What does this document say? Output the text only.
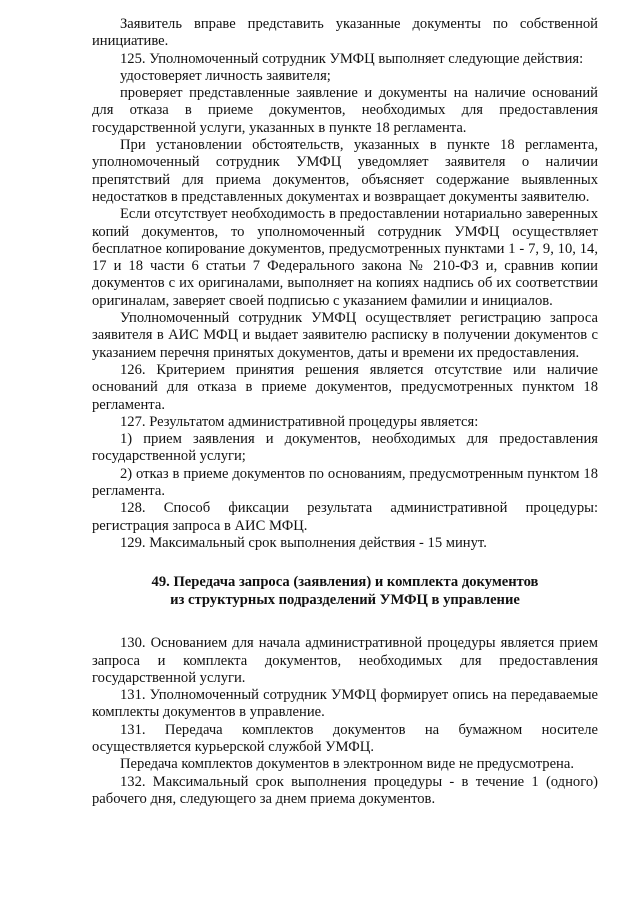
Заявитель вправе представить указанные документы по собственной инициативе.

125. Уполномоченный сотрудник УМФЦ выполняет следующие действия:

удостоверяет личность заявителя;

проверяет представленные заявление и документы на наличие оснований для отказа в приеме документов, необходимых для предоставления государственной услуги, указанных в пункте 18 регламента.

При установлении обстоятельств, указанных в пункте 18 регламента, уполномоченный сотрудник УМФЦ уведомляет заявителя о наличии препятствий для приема документов, объясняет содержание выявленных недостатков в представленных документах и возвращает документы заявителю.

Если отсутствует необходимость в предоставлении нотариально заверенных копий документов, то уполномоченный сотрудник УМФЦ осуществляет бесплатное копирование документов, предусмотренных пунктами 1 - 7, 9, 10, 14, 17 и 18 части 6 статьи 7 Федерального закона № 210-ФЗ и, сравнив копии документов с их оригиналами, выполняет на копиях надпись об их соответствии оригиналам, заверяет своей подписью с указанием фамилии и инициалов.

Уполномоченный сотрудник УМФЦ осуществляет регистрацию запроса заявителя в АИС МФЦ и выдает заявителю расписку в получении документов с указанием перечня принятых документов, даты и времени их предоставления.

126. Критерием принятия решения является отсутствие или наличие оснований для отказа в приеме документов, предусмотренных пунктом 18 регламента.

127. Результатом административной процедуры является:

1) прием заявления и документов, необходимых для предоставления государственной услуги;

2) отказ в приеме документов по основаниям, предусмотренным пунктом 18 регламента.

128. Способ фиксации результата административной процедуры: регистрация запроса в АИС МФЦ.

129. Максимальный срок выполнения действия - 15 минут.

49. Передача запроса (заявления) и комплекта документов
из структурных подразделений УМФЦ в управление

130. Основанием для начала административной процедуры является прием запроса и комплекта документов, необходимых для предоставления государственной услуги.

131. Уполномоченный сотрудник УМФЦ формирует опись на передаваемые комплекты документов в управление.

131. Передача комплектов документов на бумажном носителе осуществляется курьерской службой УМФЦ.

Передача комплектов документов в электронном виде не предусмотрена.

132. Максимальный срок выполнения процедуры - в течение 1 (одного) рабочего дня, следующего за днем приема документов.
